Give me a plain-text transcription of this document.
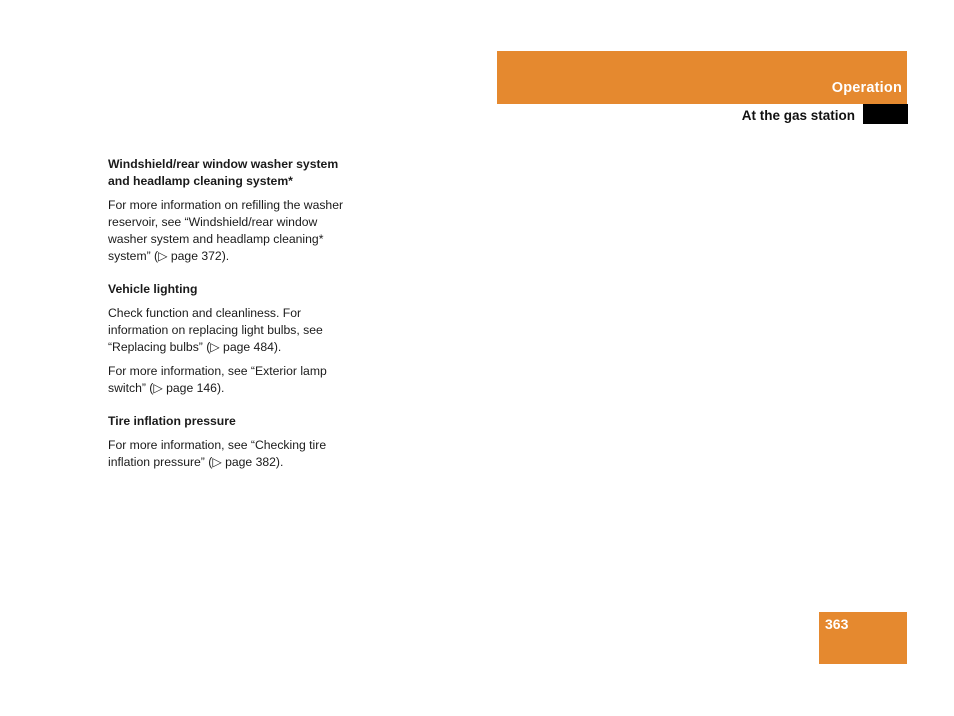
Operation
At the gas station
Windshield/rear window washer system and headlamp cleaning system*
For more information on refilling the washer reservoir, see “Windshield/rear window washer system and headlamp cleaning* system” (▷ page 372).
Vehicle lighting
Check function and cleanliness. For information on replacing light bulbs, see “Replacing bulbs” (▷ page 484).
For more information, see “Exterior lamp switch” (▷ page 146).
Tire inflation pressure
For more information, see “Checking tire inflation pressure” (▷ page 382).
363
